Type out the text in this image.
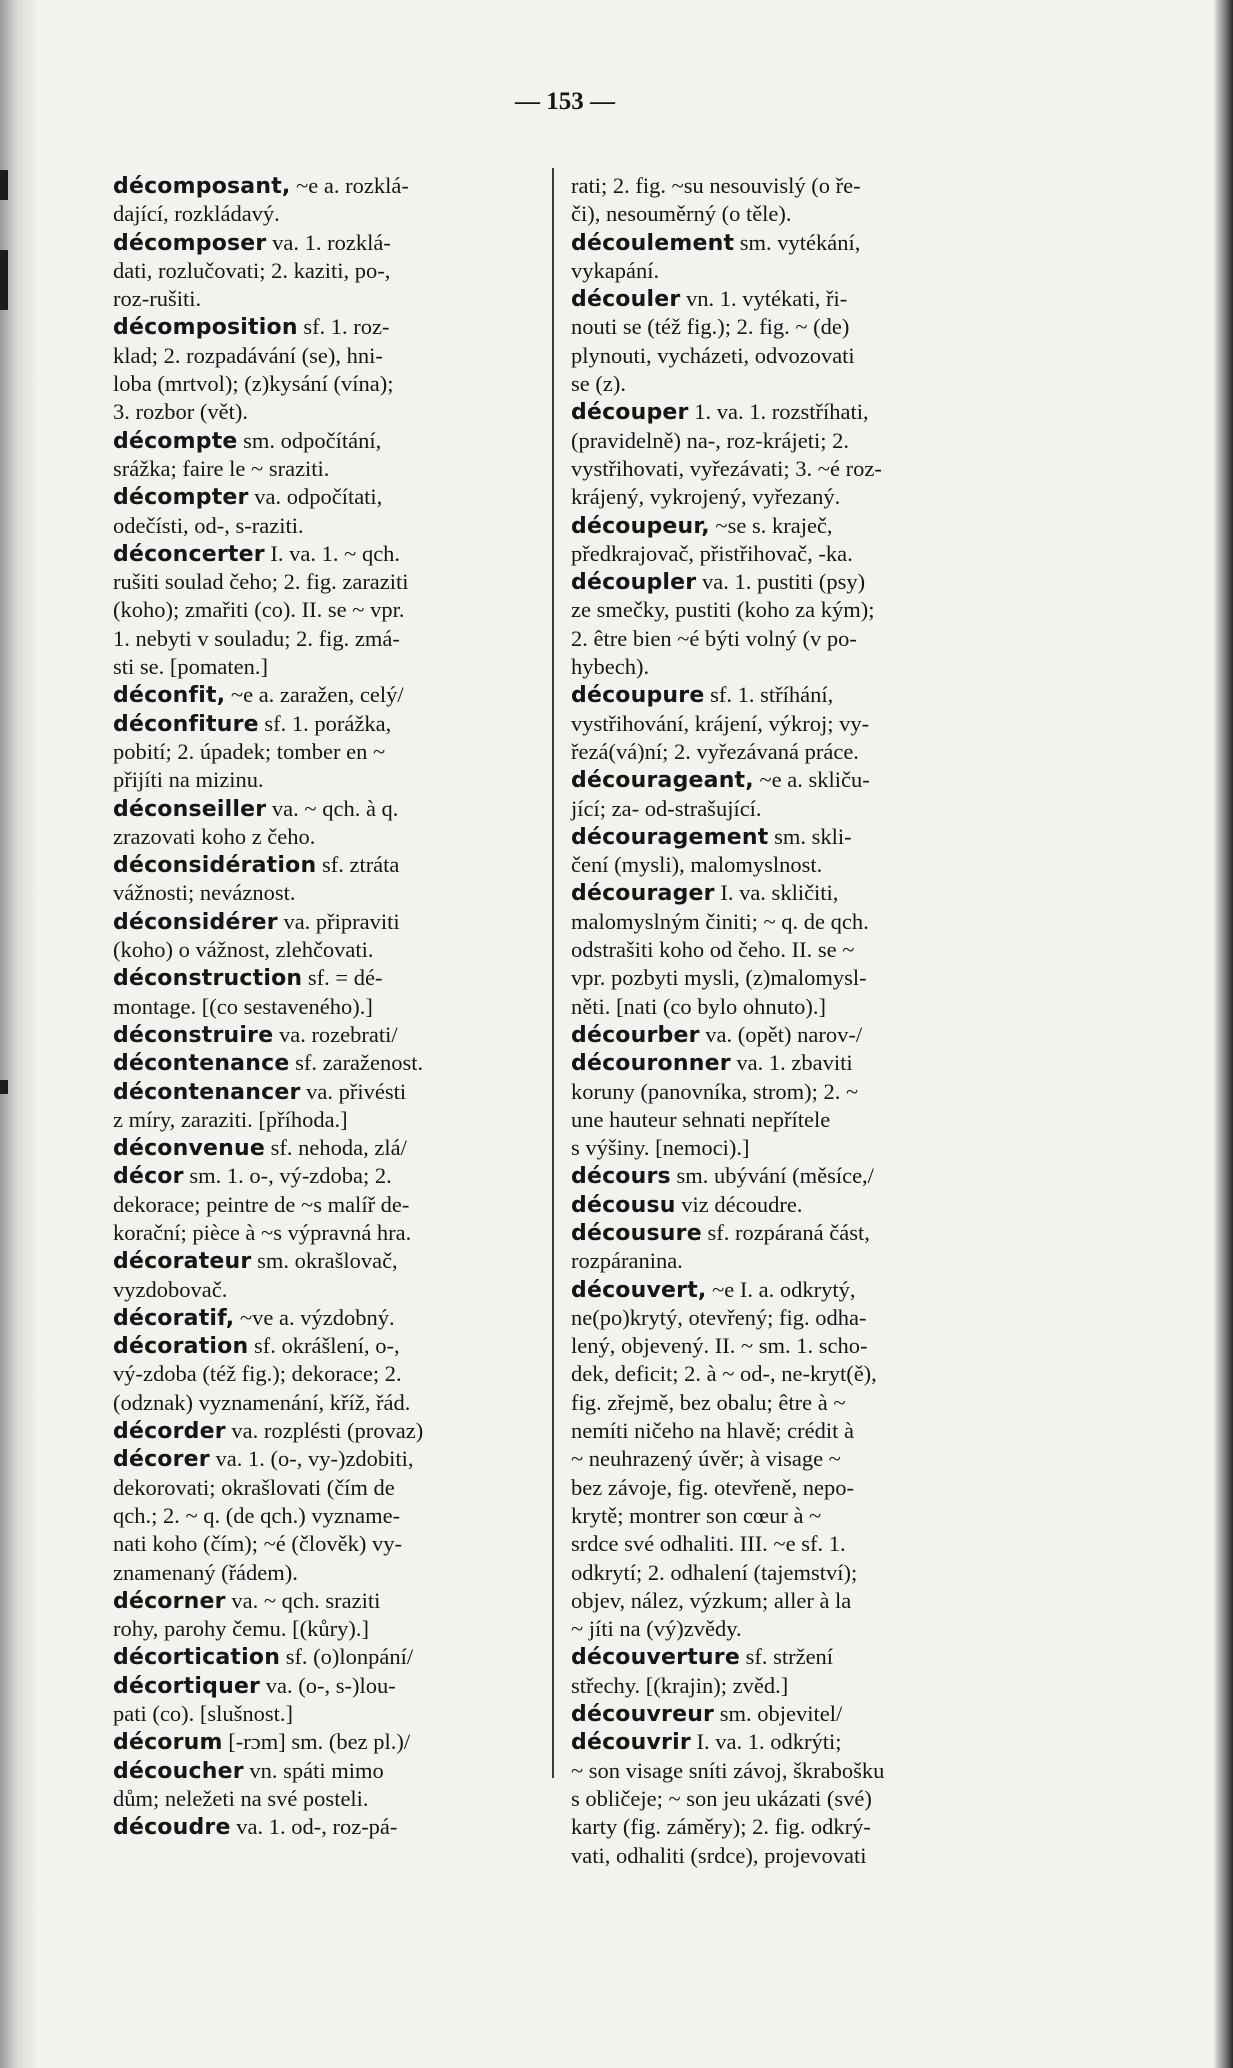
— 153 —
décomposant, ~e a. rozklá-
dající, rozkládavý.
décomposer va. 1. rozklá-
dati, rozlučovati; 2. kaziti, po-,
roz-rušiti.
décomposition sf. 1. roz-
klad; 2. rozpadávání (se), hni-
loba (mrtvol); (z)kysání (vína);
3. rozbor (vět).
décompte sm. odpočítání,
srážka; faire le ~ sraziti.
décompter va. odpočítati,
odečísti, od-, s-raziti.
déconcerter I. va. 1. ~ qch.
rušiti soulad čeho; 2. fig. zaraziti
(koho); zmařiti (co). II. se ~ vpr.
1. nebyti v souladu; 2. fig. zmá-
sti se. [pomaten.]
déconfit, ~e a. zaražen, celý/
déconfiture sf. 1. porážka,
pobití; 2. úpadek; tomber en ~
přijíti na mizinu.
déconseiller va. ~ qch. à q.
zrazovati koho z čeho.
déconsidération sf. ztráta
vážnosti; neváznost.
déconsidérer va. připraviti
(koho) o vážnost, zlehčovati.
déconstruction sf. = dé-
montage. [(co sestaveného).]
déconstruire va. rozebrati/
décontenance sf. zaraženost.
décontenancer va. přivésti
z míry, zaraziti. [příhoda.]
déconvenue sf. nehoda, zlá/
décor sm. 1. o-, vý-zdoba; 2.
dekorace; peintre de ~s malíř de-
korační; pièce à ~s výpravná hra.
décorateur sm. okrašlovač,
vyzdobovač.
décoratif, ~ve a. výzdobný.
décoration sf. okrášlení, o-,
vý-zdoba (též fig.); dekorace; 2.
(odznak) vyznamenání, kříž, řád.
décorder va. rozplésti (provaz)
décorer va. 1. (o-, vy-)zdobiti,
dekorovati; okrašlovati (čím de
qch.; 2. ~ q. (de qch.) vyzname-
nati koho (čím); ~é (člověk) vy-
znamenaný (řádem).
décorner va. ~ qch. sraziti
rohy, parohy čemu. [(kůry).]
décortication sf. (o)lonpání/
décortiquer va. (o-, s-)lou-
pati (co). [slušnost.]
décorum [-rɔm] sm. (bez pl.)/
découcher vn. spáti mimo
dům; neležeti na své posteli.
découdre va. 1. od-, roz-pá-
rati; 2. fig. ~su nesouvislý (o ře-
či), nesouměrný (o těle).
découlement sm. vytékání,
vykapání.
découler vn. 1. vytékati, ři-
nouti se (též fig.); 2. fig. ~ (de)
plynouti, vycházeti, odvozovati
se (z).
découper 1. va. 1. rozstříhati,
(pravidelně) na-, roz-krájeti; 2.
vystřihovati, vyřezávati; 3. ~é roz-
krájený, vykrojený, vyřezaný.
découpeur, ~se s. kraječ,
předkrajovač, přistřihovač, -ka.
découpler va. 1. pustiti (psy)
ze smečky, pustiti (koho za kým);
2. être bien ~é býti volný (v po-
hybech).
découpure sf. 1. stříhání,
vystřihování, krájení, výkroj; vy-
řezá(vá)ní; 2. vyřezávaná práce.
décourageant, ~e a. skliču-
jící; za- od-strašující.
découragement sm. skli-
čení (mysli), malomyslnost.
décourager I. va. skličiti,
malomyslným činiti; ~ q. de qch.
odstrašiti koho od čeho. II. se ~
vpr. pozbyti mysli, (z)malomysl-
něti. [nati (co bylo ohnuto).]
décourber va. (opět) narov-/
découronner va. 1. zbaviti
koruny (panovníka, strom); 2. ~
une hauteur sehnati nepřítele
s výšiny. [nemoci).]
décours sm. ubývání (měsíce,/
décousu viz découdre.
décousure sf. rozpáraná část,
rozpáranina.
découvert, ~e I. a. odkrytý,
ne(po)krytý, otevřený; fig. odha-
lený, objevený. II. ~ sm. 1. scho-
dek, deficit; 2. à ~ od-, ne-kryt(ě),
fig. zřejmě, bez obalu; être à ~
nemíti ničeho na hlavě; crédit à
~ neuhrazený úvěr; à visage ~
bez závoje, fig. otevřeně, nepo-
krytě; montrer son cœur à ~
srdce své odhaliti. III. ~e sf. 1.
odkrytí; 2. odhalení (tajemství);
objev, nález, výzkum; aller à la
~ jíti na (vý)zvědy.
découverture sf. stržení
střechy. [(krajin); zvěd.]
découvreur sm. objevitel/
découvrir I. va. 1. odkrýti;
~ son visage sníti závoj, škrabošku
s obličeje; ~ son jeu ukázati (své)
karty (fig. záměry); 2. fig. odkrý-
vati, odhaliti (srdce), projevovati
